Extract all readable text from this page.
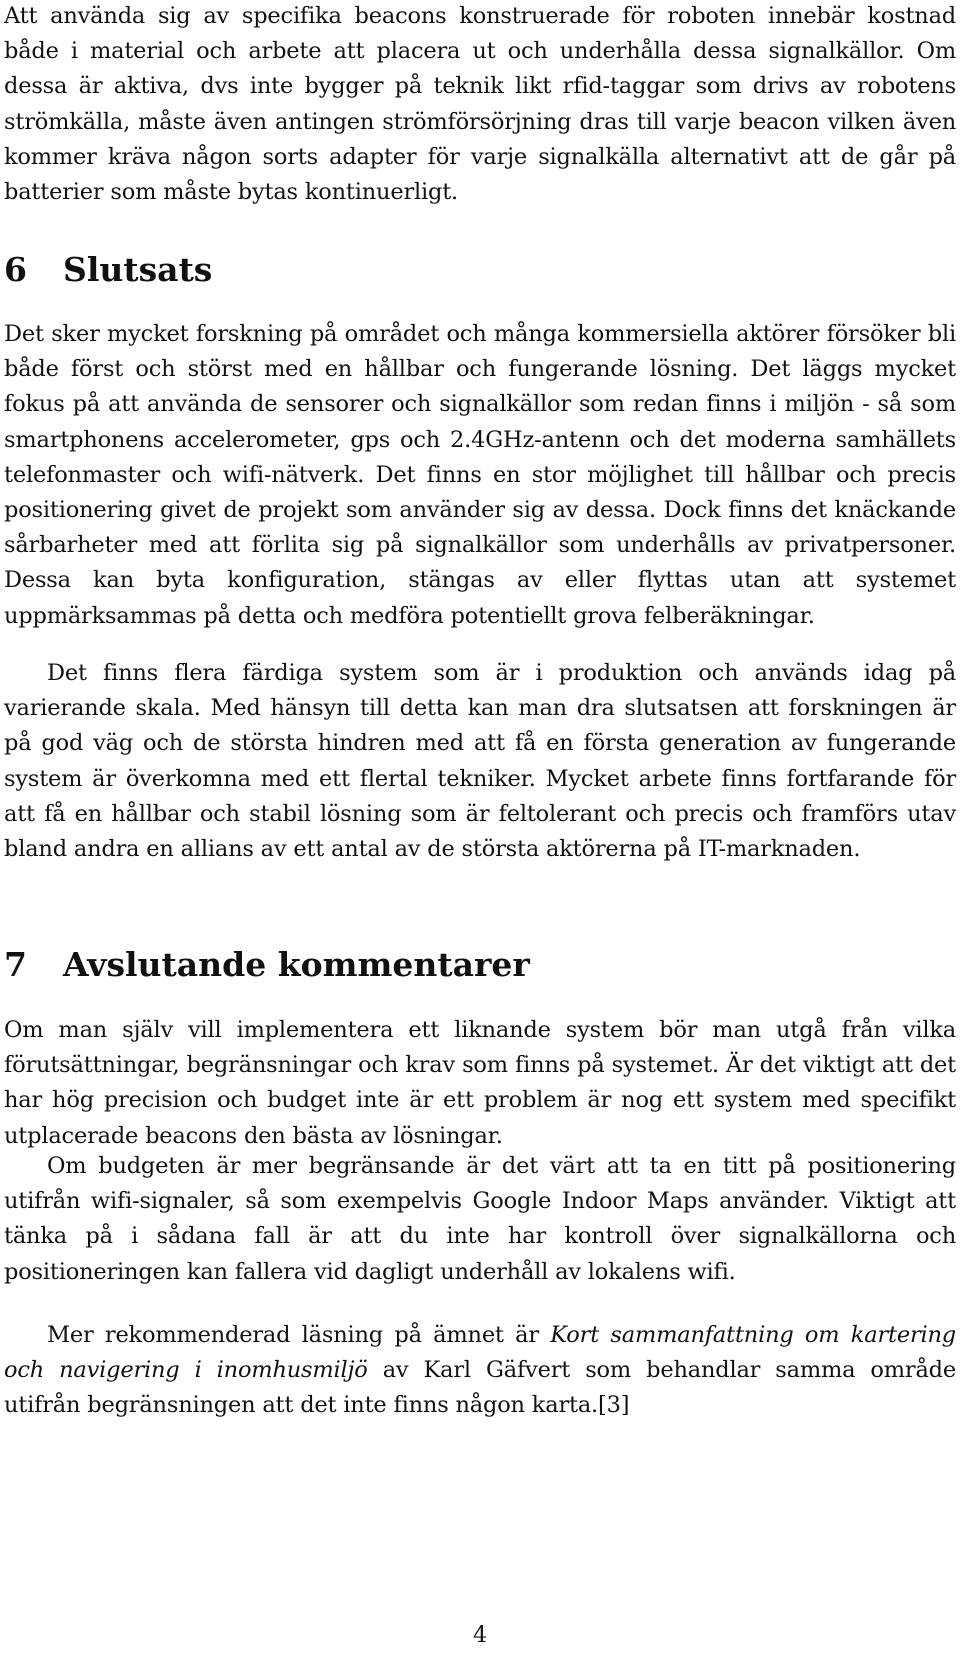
Att använda sig av specifika beacons konstruerade för roboten innebär kostnad både i material och arbete att placera ut och underhålla dessa signalkällor. Om dessa är aktiva, dvs inte bygger på teknik likt rfid-taggar som drivs av robotens strömkälla, måste även antingen strömförsörjning dras till varje beacon vilken även kommer kräva någon sorts adapter för varje signalkälla alternativt att de går på batterier som måste bytas kontinuerligt.

6 Slutsats

Det sker mycket forskning på området och många kommersiella aktörer försöker bli både först och störst med en hållbar och fungerande lösning. Det läggs mycket fokus på att använda de sensorer och signalkällor som redan finns i miljön - så som smartphonens accelerometer, gps och 2.4GHz-antenn och det moderna samhällets telefonmaster och wifi-nätverk. Det finns en stor möjlighet till hållbar och precis positionering givet de projekt som använder sig av dessa. Dock finns det knäckande sårbarheter med att förlita sig på signalkällor som underhålls av privatpersoner. Dessa kan byta konfiguration, stängas av eller flyttas utan att systemet uppmärksammas på detta och medföra potentiellt grova felberäkningar.

Det finns flera färdiga system som är i produktion och används idag på varierande skala. Med hänsyn till detta kan man dra slutsatsen att forskningen är på god väg och de största hindren med att få en första generation av fungerande system är överkomna med ett flertal tekniker. Mycket arbete finns fortfarande för att få en hållbar och stabil lösning som är feltolerant och precis och framförs utav bland andra en allians av ett antal av de största aktörerna på IT-marknaden.

7 Avslutande kommentarer

Om man själv vill implementera ett liknande system bör man utgå från vilka förutsättningar, begränsningar och krav som finns på systemet. Är det viktigt att det har hög precision och budget inte är ett problem är nog ett system med specifikt utplacerade beacons den bästa av lösningar.

Om budgeten är mer begränsande är det värt att ta en titt på positionering utifrån wifi-signaler, så som exempelvis Google Indoor Maps använder. Viktigt att tänka på i sådana fall är att du inte har kontroll över signalkällorna och positioneringen kan fallera vid dagligt underhåll av lokalens wifi.

Mer rekommenderad läsning på ämnet är Kort sammanfattning om kartering och navigering i inomhusmiljö av Karl Gäfvert som behandlar samma område utifrån begränsningen att det inte finns någon karta.[3]

4
